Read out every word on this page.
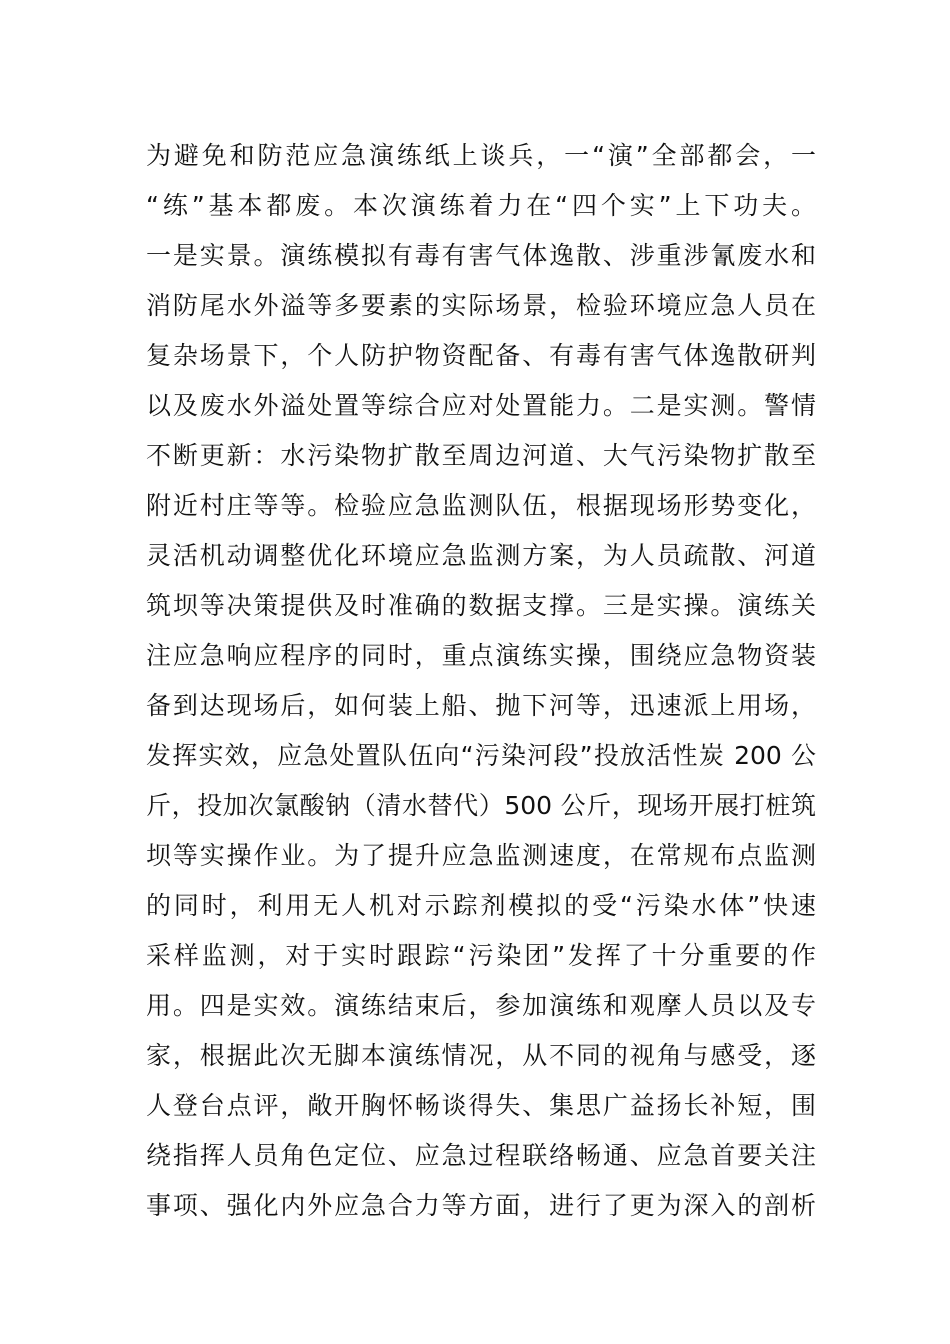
为避免和防范应急演练纸上谈兵，一“演”全部都会，一
“练”基本都废。本次演练着力在“四个实”上下功夫。
一是实景。演练模拟有毒有害气体逸散、涉重涉氰废水和
消防尾水外溢等多要素的实际场景，检验环境应急人员在
复杂场景下，个人防护物资配备、有毒有害气体逸散研判
以及废水外溢处置等综合应对处置能力。二是实测。警情
不断更新：水污染物扩散至周边河道、大气污染物扩散至
附近村庄等等。检验应急监测队伍，根据现场形势变化，
灵活机动调整优化环境应急监测方案，为人员疏散、河道
筑坝等决策提供及时准确的数据支撑。三是实操。演练关
注应急响应程序的同时，重点演练实操，围绕应急物资装
备到达现场后，如何装上船、抛下河等，迅速派上用场，
发挥实效，应急处置队伍向“污染河段”投放活性炭 200 公
斤，投加次氯酸钠（清水替代）500 公斤，现场开展打桩筑
坝等实操作业。为了提升应急监测速度，在常规布点监测
的同时，利用无人机对示踪剂模拟的受“污染水体”快速
采样监测，对于实时跟踪“污染团”发挥了十分重要的作
用。四是实效。演练结束后，参加演练和观摩人员以及专
家，根据此次无脚本演练情况，从不同的视角与感受，逐
人登台点评，敞开胸怀畅谈得失、集思广益扬长补短，围
绕指挥人员角色定位、应急过程联络畅通、应急首要关注
事项、强化内外应急合力等方面，进行了更为深入的剖析
